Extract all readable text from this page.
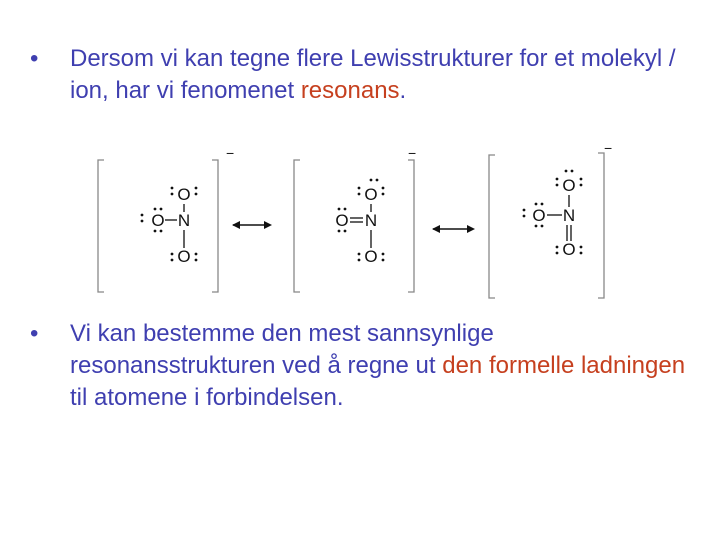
• Dersom vi kan tegne flere Lewisstrukturer for et molekyl / ion, har vi fenomenet resonans.
−
O
O N
O
−
O
O N
O
−
O
O N
O
• Vi kan bestemme den mest sannsynlige resonansstrukturen ved å regne ut den formelle ladningen til atomene i forbindelsen.
